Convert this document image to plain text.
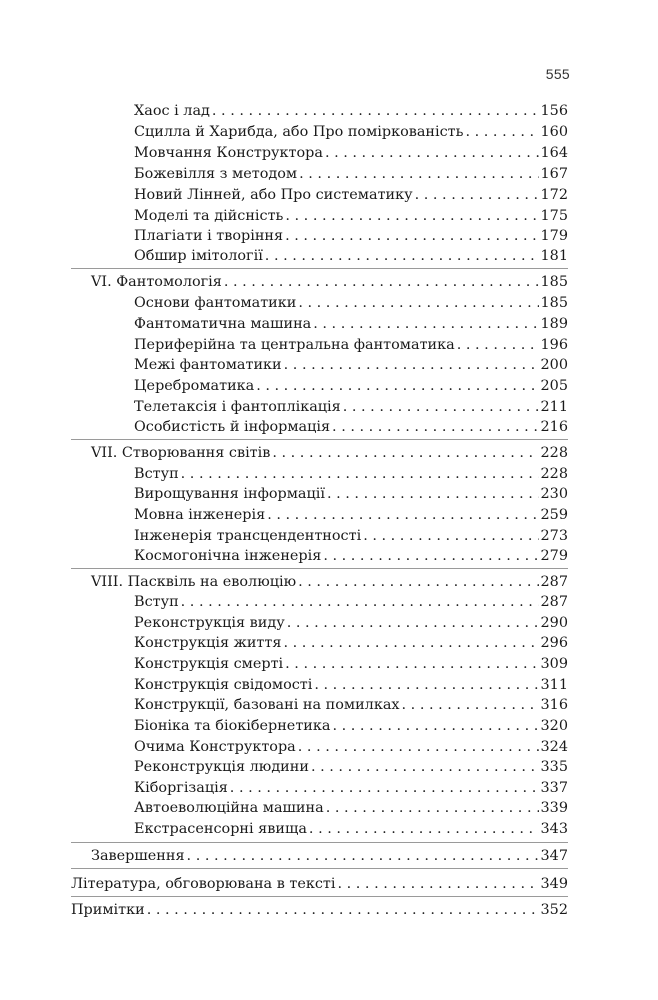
555
Хаос і лад . . .	156
Сцилла й Харибда, або Про поміркованість . . .	160
Мовчання Конструктора . . .	164
Божевілля з методом . . .	167
Новий Лінней, або Про систематику . . .	172
Моделі та дійсність . . .	175
Плагіати і творіння . . .	179
Обшир імітології . . .	181
VI. Фантомологія . . .	185
Основи фантоматики . . .	185
Фантоматична машина . . .	189
Периферійна та центральна фантоматика . . .	196
Межі фантоматики . . .	200
Цереброматика . . .	205
Телетаксія і фантоплікація . . .	211
Особистість й інформація . . .	216
VII. Створювання світів . . .	228
Вступ . . .	228
Вирощування інформації . . .	230
Мовна інженерія . . .	259
Інженерія трансцендентності . . .	273
Космогонічна інженерія . . .	279
VIII. Пасквіль на еволюцію . . .	287
Вступ . . .	287
Реконструкція виду . . .	290
Конструкція життя . . .	296
Конструкція смерті . . .	309
Конструкція свідомості . . .	311
Конструкції, базовані на помилках . . .	316
Біоніка та біокібернетика . . .	320
Очима Конструктора . . .	324
Реконструкція людини . . .	335
Кіборгізація . . .	337
Автоеволюційна машина . . .	339
Екстрасенсорні явища . . .	343
Завершення . . .	347
Література, обговорювана в тексті . . .	349
Примітки . . .	352
